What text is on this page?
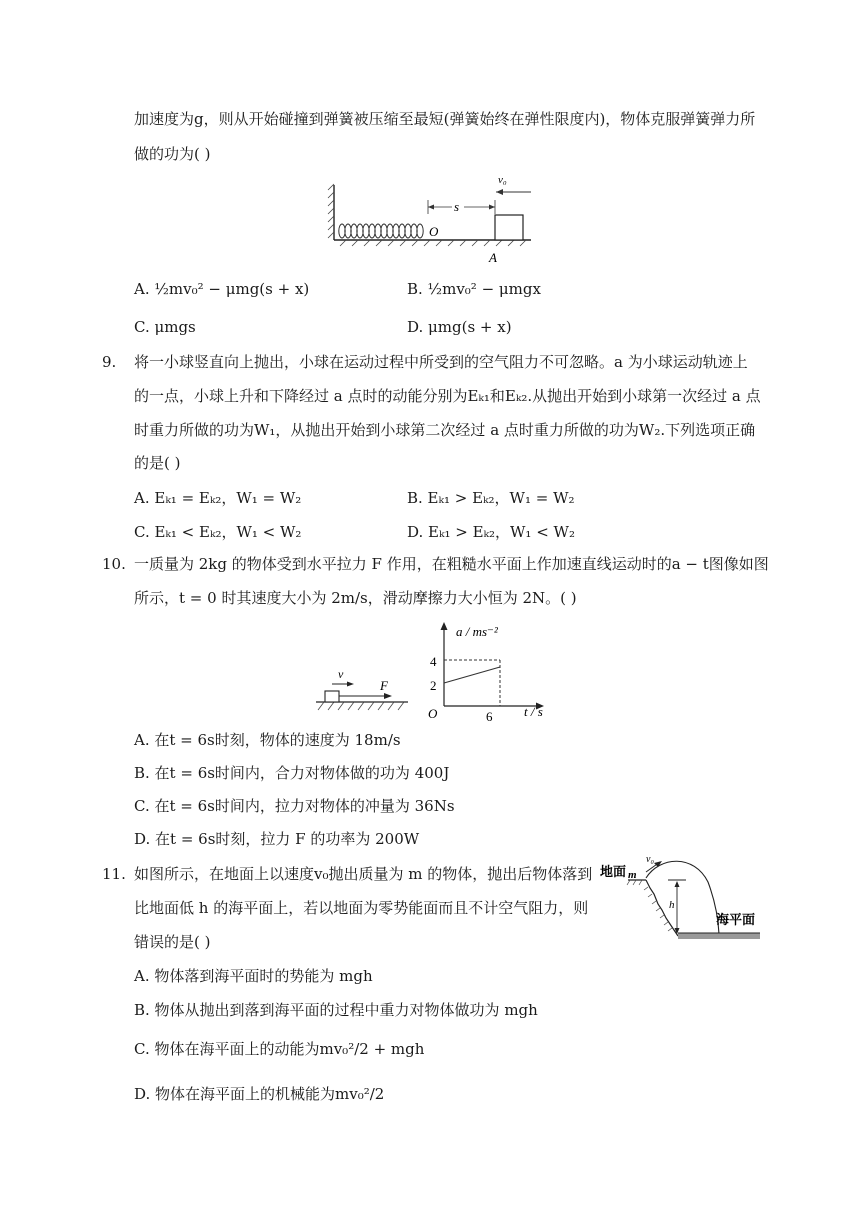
加速度为g，则从开始碰撞到弹簧被压缩至最短(弹簧始终在弹性限度内)，物体克服弹簧弹力所
做的功为( )
O
s
v₀
A
A. ½mv₀² − μmg(s + x)	B. ½mv₀² − μmgx
C. μmgs	D. μmg(s + x)
9. 将一小球竖直向上抛出，小球在运动过程中所受到的空气阻力不可忽略。a 为小球运动轨迹上
的一点，小球上升和下降经过 a 点时的动能分别为Eₖ₁和Eₖ₂.从抛出开始到小球第一次经过 a 点
时重力所做的功为W₁，从抛出开始到小球第二次经过 a 点时重力所做的功为W₂.下列选项正确
的是( )
A. Eₖ₁ = Eₖ₂，W₁ = W₂	B. Eₖ₁ > Eₖ₂，W₁ = W₂
C. Eₖ₁ < Eₖ₂，W₁ < W₂	D. Eₖ₁ > Eₖ₂，W₁ < W₂
10. 一质量为 2kg 的物体受到水平拉力 F 作用，在粗糙水平面上作加速直线运动时的a − t图像如图
所示，t = 0 时其速度大小为 2m/s，滑动摩擦力大小恒为 2N。( )
v
F
a / ms⁻²
4
2
O	6 t / s
A. 在t = 6s时刻，物体的速度为 18m/s
B. 在t = 6s时间内，合力对物体做的功为 400J
C. 在t = 6s时间内，拉力对物体的冲量为 36Ns
D. 在t = 6s时刻，拉力 F 的功率为 200W
11. 如图所示，在地面上以速度v₀抛出质量为 m 的物体，抛出后物体落到
比地面低 h 的海平面上，若以地面为零势能面而且不计空气阻力，则
错误的是( )
地面 m
v₀
h
海平面
A. 物体落到海平面时的势能为 mgh
B. 物体从抛出到落到海平面的过程中重力对物体做功为 mgh
C. 物体在海平面上的动能为mv₀²/2 + mgh
D. 物体在海平面上的机械能为mv₀²/2
